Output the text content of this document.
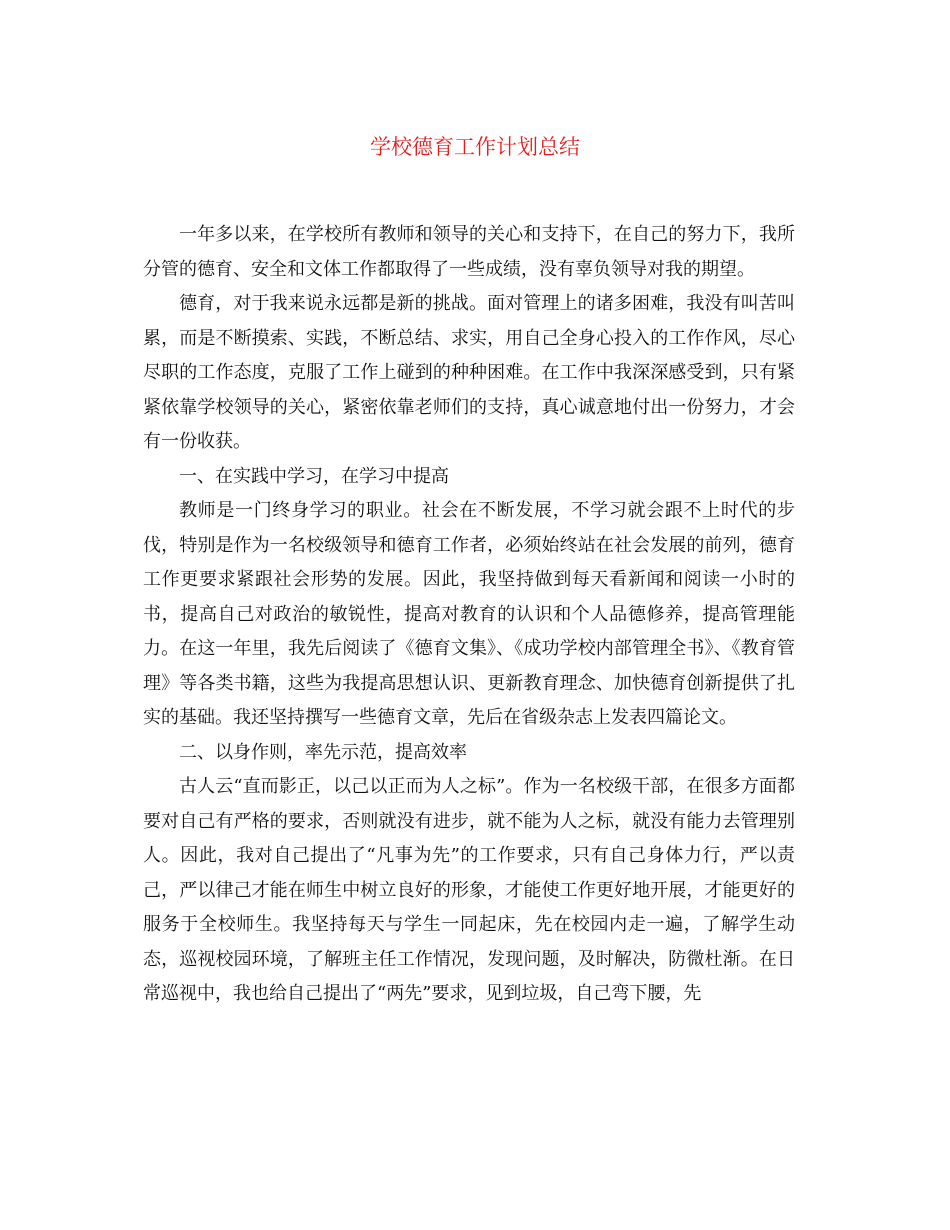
学校德育工作计划总结

一年多以来，在学校所有教师和领导的关心和支持下，在自己的努力下，我所分管的德育、安全和文体工作都取得了一些成绩，没有辜负领导对我的期望。

德育，对于我来说永远都是新的挑战。面对管理上的诸多困难，我没有叫苦叫累，而是不断摸索、实践，不断总结、求实，用自己全身心投入的工作作风，尽心尽职的工作态度，克服了工作上碰到的种种困难。在工作中我深深感受到，只有紧紧依靠学校领导的关心，紧密依靠老师们的支持，真心诚意地付出一份努力，才会有一份收获。

一、在实践中学习，在学习中提高

教师是一门终身学习的职业。社会在不断发展，不学习就会跟不上时代的步伐，特别是作为一名校级领导和德育工作者，必须始终站在社会发展的前列，德育工作更要求紧跟社会形势的发展。因此，我坚持做到每天看新闻和阅读一小时的书，提高自己对政治的敏锐性，提高对教育的认识和个人品德修养，提高管理能力。在这一年里，我先后阅读了《德育文集》、《成功学校内部管理全书》、《教育管理》等各类书籍，这些为我提高思想认识、更新教育理念、加快德育创新提供了扎实的基础。我还坚持撰写一些德育文章，先后在省级杂志上发表四篇论文。

二、以身作则，率先示范，提高效率

古人云“直而影正，以己以正而为人之标”。作为一名校级干部，在很多方面都要对自己有严格的要求，否则就没有进步，就不能为人之标，就没有能力去管理别人。因此，我对自己提出了“凡事为先”的工作要求，只有自己身体力行，严以责己，严以律己才能在师生中树立良好的形象，才能使工作更好地开展，才能更好的服务于全校师生。我坚持每天与学生一同起床，先在校园内走一遍，了解学生动态，巡视校园环境，了解班主任工作情况，发现问题，及时解决，防微杜渐。在日常巡视中，我也给自己提出了“两先”要求，见到垃圾，自己弯下腰，先
